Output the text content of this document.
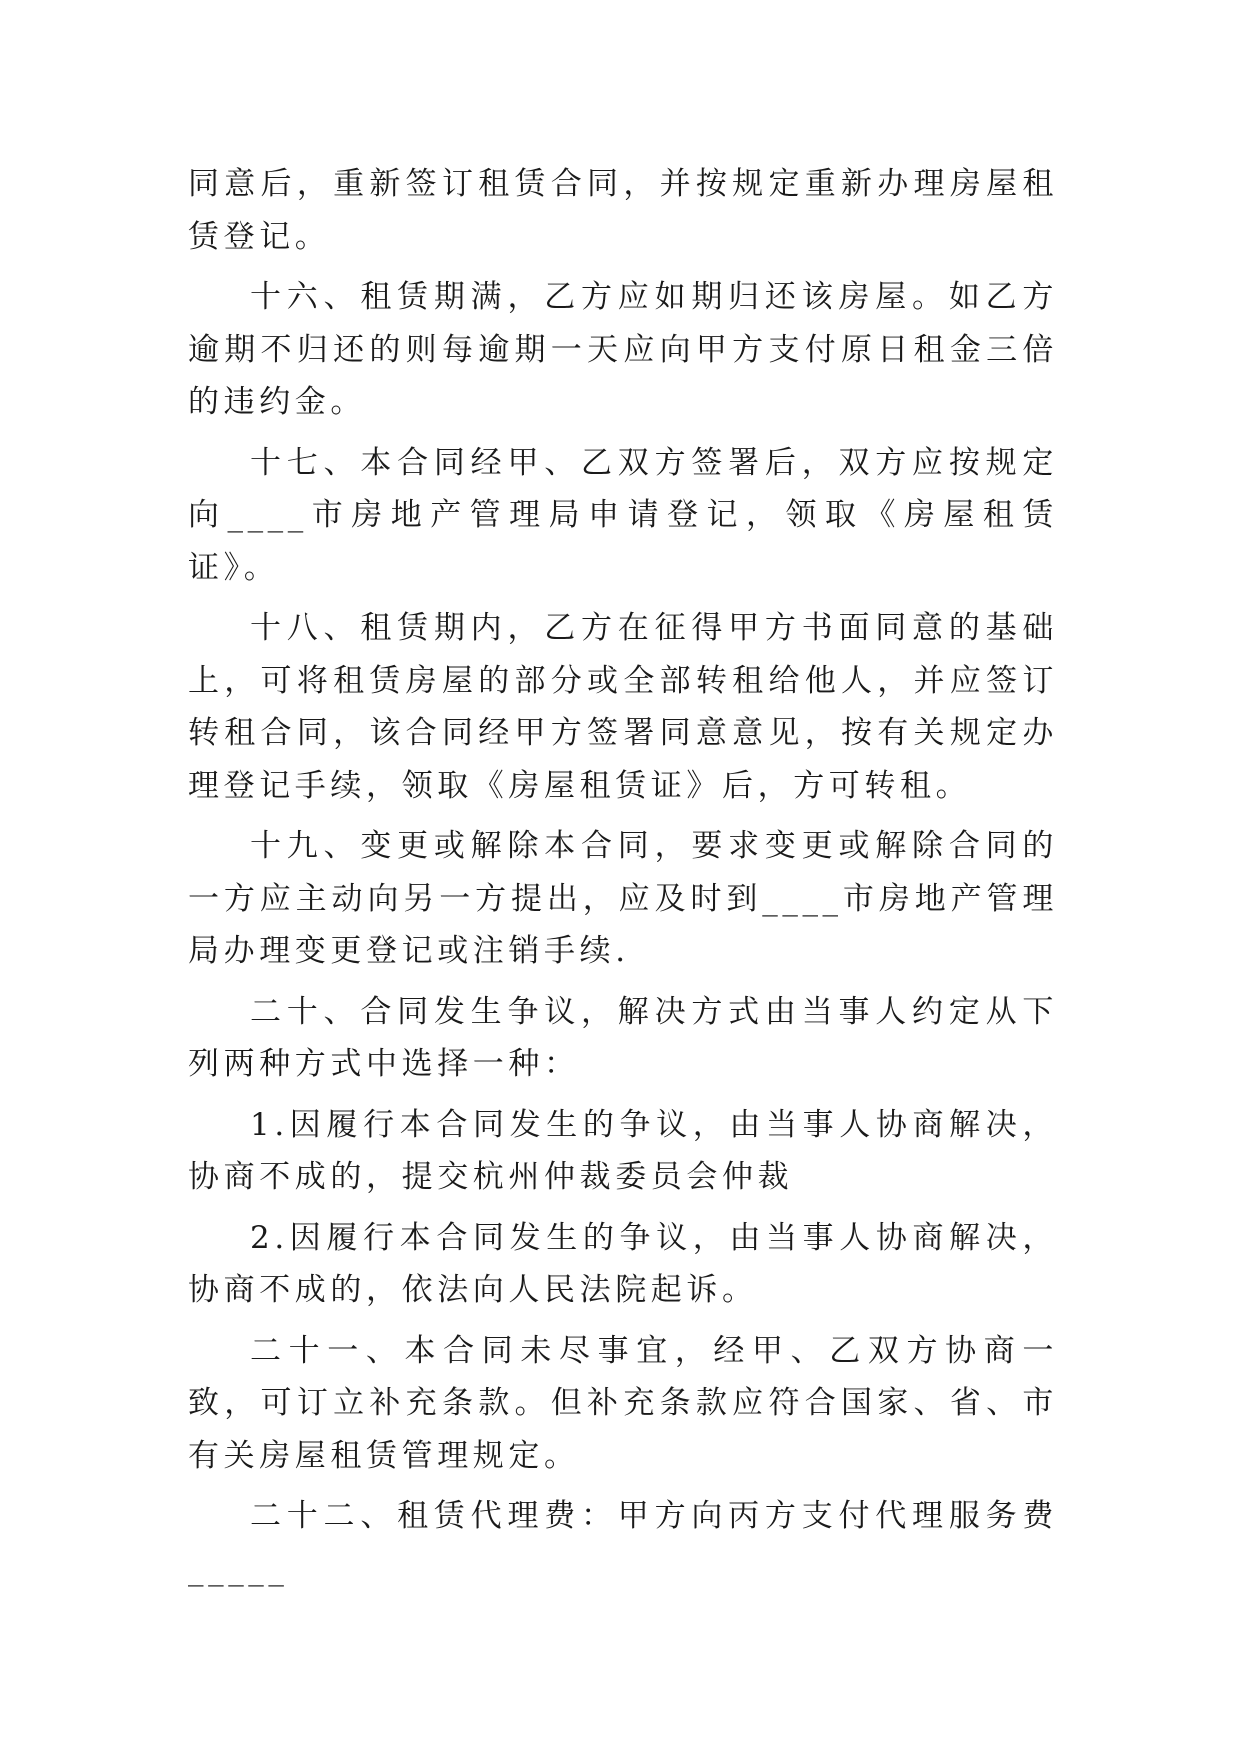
同意后，重新签订租赁合同，并按规定重新办理房屋租赁登记。

十六、租赁期满，乙方应如期归还该房屋。如乙方逾期不归还的则每逾期一天应向甲方支付原日租金三倍的违约金。

十七、本合同经甲、乙双方签署后，双方应按规定向____市房地产管理局申请登记，领取《房屋租赁证》。

十八、租赁期内，乙方在征得甲方书面同意的基础上，可将租赁房屋的部分或全部转租给他人，并应签订转租合同，该合同经甲方签署同意意见，按有关规定办理登记手续，领取《房屋租赁证》后，方可转租。

十九、变更或解除本合同，要求变更或解除合同的一方应主动向另一方提出，应及时到____市房地产管理局办理变更登记或注销手续.

二十、合同发生争议，解决方式由当事人约定从下列两种方式中选择一种：

1.因履行本合同发生的争议，由当事人协商解决，协商不成的，提交杭州仲裁委员会仲裁

2.因履行本合同发生的争议，由当事人协商解决，协商不成的，依法向人民法院起诉。

二十一、本合同未尽事宜，经甲、乙双方协商一致，可订立补充条款。但补充条款应符合国家、省、市有关房屋租赁管理规定。

二十二、租赁代理费：甲方向丙方支付代理服务费_____
